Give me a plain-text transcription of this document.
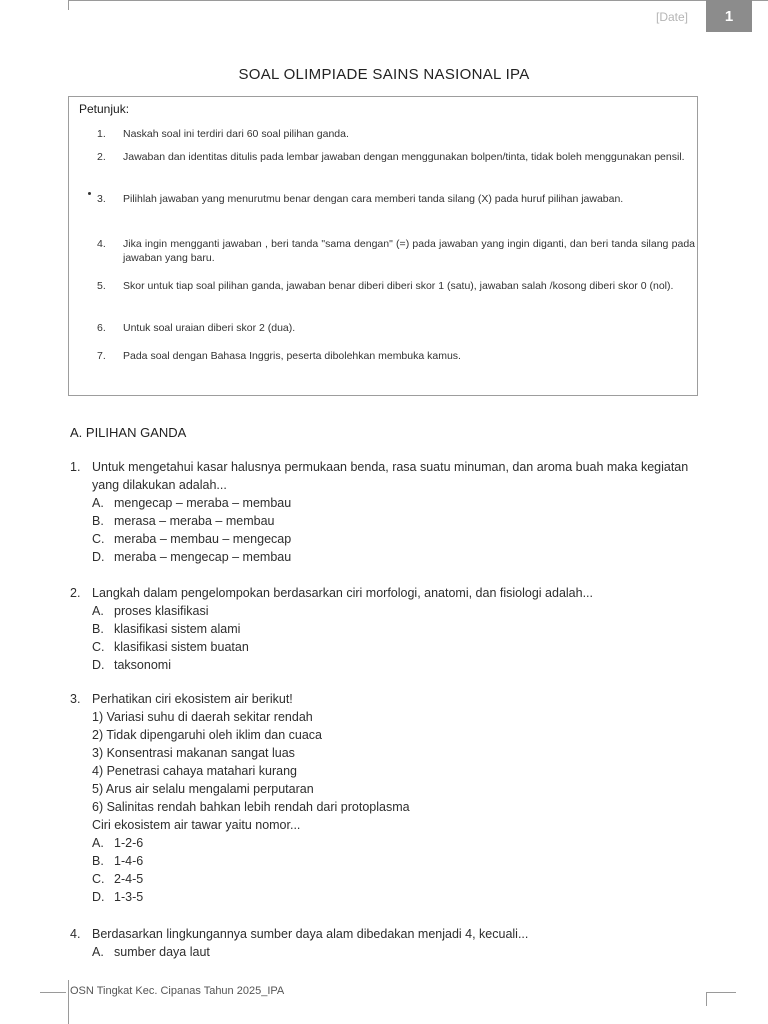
[Date] 1
SOAL OLIMPIADE SAINS NASIONAL IPA
Petunjuk:
1.	Naskah soal ini terdiri dari 60 soal pilihan ganda.
2.	Jawaban dan identitas ditulis pada lembar jawaban dengan menggunakan bolpen/tinta, tidak boleh menggunakan pensil.
3.	Pilihlah jawaban yang menurutmu benar dengan cara memberi tanda silang (X) pada huruf pilihan jawaban.
4.	Jika ingin mengganti jawaban , beri tanda "sama dengan" (=) pada jawaban yang ingin diganti, dan beri tanda silang pada jawaban yang baru.
5.	Skor untuk tiap soal pilihan ganda, jawaban benar diberi diberi skor 1 (satu), jawaban salah /kosong diberi skor 0 (nol).
6.	Untuk soal uraian diberi skor 2 (dua).
7.	Pada soal dengan Bahasa Inggris, peserta dibolehkan membuka kamus.
A. PILIHAN GANDA
1. Untuk mengetahui kasar halusnya permukaan benda, rasa suatu minuman, dan aroma buah maka kegiatan yang dilakukan adalah...
A. mengecap – meraba – membau
B. merasa – meraba – membau
C. meraba – membau – mengecap
D. meraba – mengecap – membau
2. Langkah dalam pengelompokan berdasarkan ciri morfologi, anatomi, dan fisiologi adalah...
A. proses klasifikasi
B. klasifikasi sistem alami
C. klasifikasi sistem buatan
D. taksonomi
3. Perhatikan ciri ekosistem air berikut!
1) Variasi suhu di daerah sekitar rendah
2) Tidak dipengaruhi oleh iklim dan cuaca
3) Konsentrasi makanan sangat luas
4) Penetrasi cahaya matahari kurang
5) Arus air selalu mengalami perputaran
6) Salinitas rendah bahkan lebih rendah dari protoplasma
Ciri ekosistem air tawar yaitu nomor...
A. 1-2-6
B. 1-4-6
C. 2-4-5
D. 1-3-5
4. Berdasarkan lingkungannya sumber daya alam dibedakan menjadi 4, kecuali...
A. sumber daya laut
OSN Tingkat Kec. Cipanas Tahun 2025_IPA
